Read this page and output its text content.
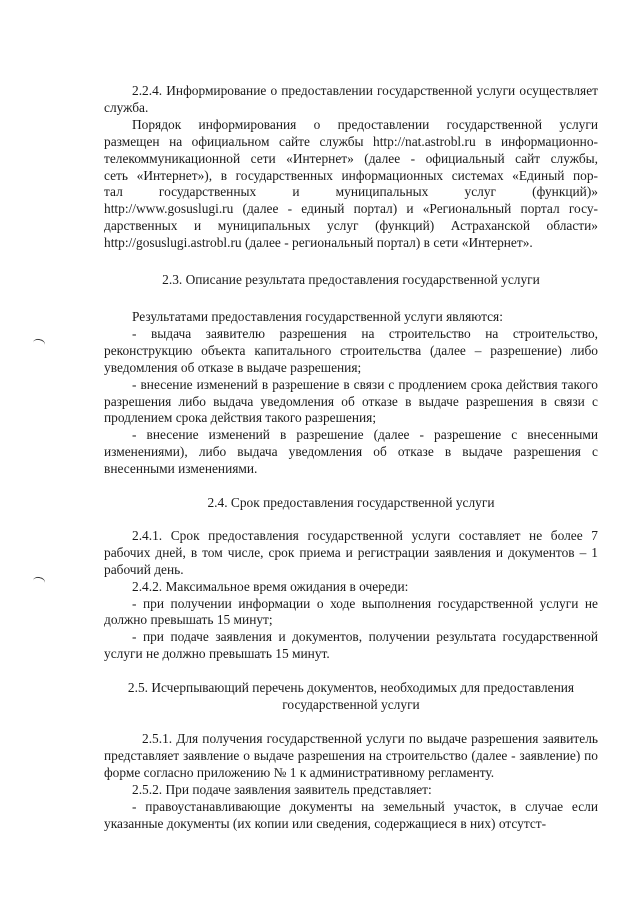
2.2.4. Информирование о предоставлении государственной услуги осуществляет служба.

Порядок информирования о предоставлении государственной услуги
размещен на официальном сайте службы http://nat.astrobl.ru в информационно-
телекоммуникационной сети «Интернет» (далее - официальный сайт службы,
сеть «Интернет»), в государственных информационных системах «Единый пор-
тал государственных и муниципальных услуг (функций)»
http://www.gosuslugi.ru (далее - единый портал) и «Региональный портал госу-
дарственных и муниципальных услуг (функций) Астраханской области»
http://gosuslugi.astrobl.ru (далее - региональный портал) в сети «Интернет».

2.3. Описание результата предоставления государственной услуги

Результатами предоставления государственной услуги являются:

- выдача заявителю разрешения на строительство на строительство, реконструкцию объекта капитального строительства (далее – разрешение) либо уведомления об отказе в выдаче разрешения;

- внесение изменений в разрешение в связи с продлением срока действия такого разрешения либо выдача уведомления об отказе в выдаче разрешения в связи с продлением срока действия такого разрешения;

- внесение изменений в разрешение (далее - разрешение с внесенными изменениями), либо выдача уведомления об отказе в выдаче разрешения с внесенными изменениями.

2.4. Срок предоставления государственной услуги

2.4.1. Срок предоставления государственной услуги составляет не более 7 рабочих дней, в том числе, срок приема и регистрации заявления и документов – 1 рабочий день.

2.4.2. Максимальное время ожидания в очереди:

- при получении информации о ходе выполнения государственной услуги не должно превышать 15 минут;

- при подаче заявления и документов, получении результата государственной услуги не должно превышать 15 минут.

2.5. Исчерпывающий перечень документов, необходимых для предоставления

государственной услуги

2.5.1. Для получения государственной услуги по выдаче разрешения заявитель представляет заявление о выдаче разрешения на строительство (далее - заявление) по форме согласно приложению № 1 к административному регламенту.

2.5.2. При подаче заявления заявитель представляет:

- правоустанавливающие документы на земельный участок, в случае если указанные документы (их копии или сведения, содержащиеся в них) отсутст-
